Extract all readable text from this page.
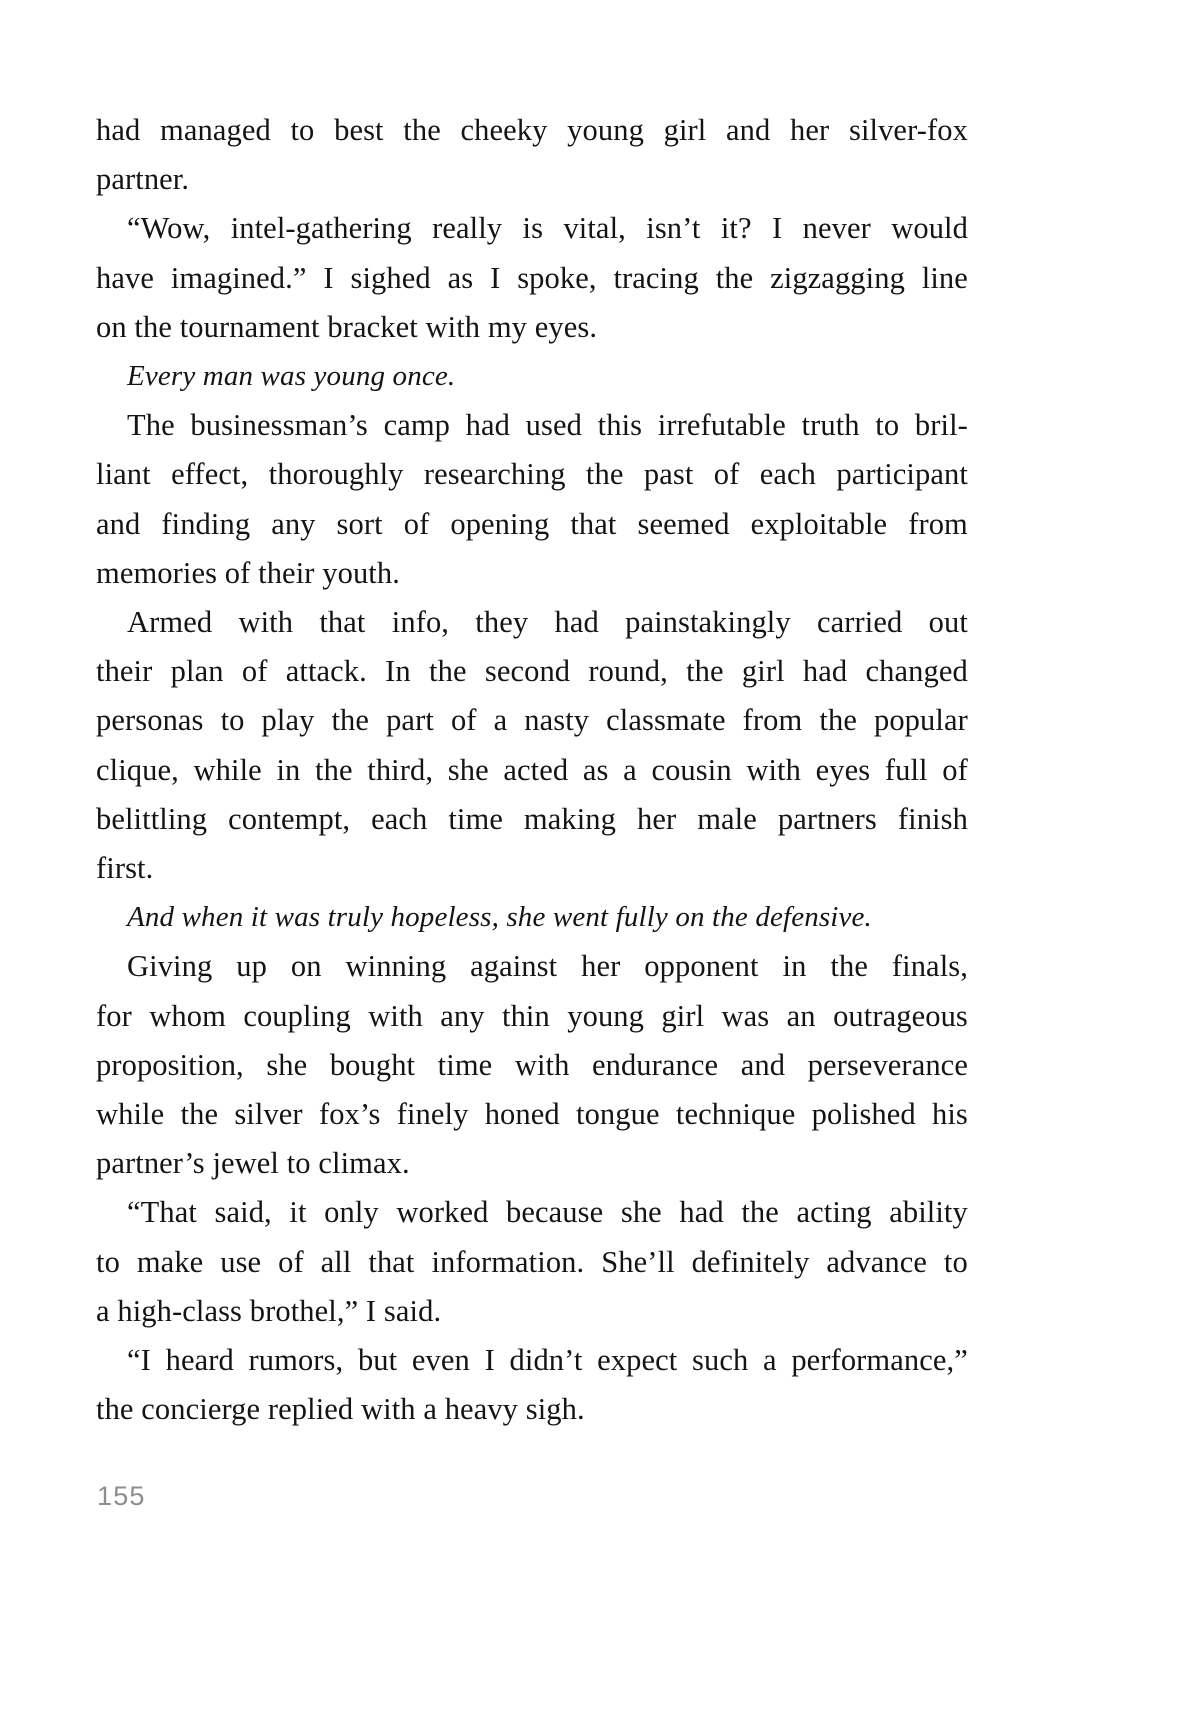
had managed to best the cheeky young girl and her silver-fox
partner.

“Wow, intel-gathering really is vital, isn’t it? I never would
have imagined.” I sighed as I spoke, tracing the zigzagging line
on the tournament bracket with my eyes.

Every man was young once.

The businessman’s camp had used this irrefutable truth to bril-
liant effect, thoroughly researching the past of each participant
and finding any sort of opening that seemed exploitable from
memories of their youth.

Armed with that info, they had painstakingly carried out
their plan of attack. In the second round, the girl had changed
personas to play the part of a nasty classmate from the popular
clique, while in the third, she acted as a cousin with eyes full of
belittling contempt, each time making her male partners finish
first.

And when it was truly hopeless, she went fully on the defensive.

Giving up on winning against her opponent in the finals,
for whom coupling with any thin young girl was an outrageous
proposition, she bought time with endurance and perseverance
while the silver fox’s finely honed tongue technique polished his
partner’s jewel to climax.

“That said, it only worked because she had the acting ability
to make use of all that information. She’ll definitely advance to
a high-class brothel,” I said.

“I heard rumors, but even I didn’t expect such a performance,”
the concierge replied with a heavy sigh.

155
